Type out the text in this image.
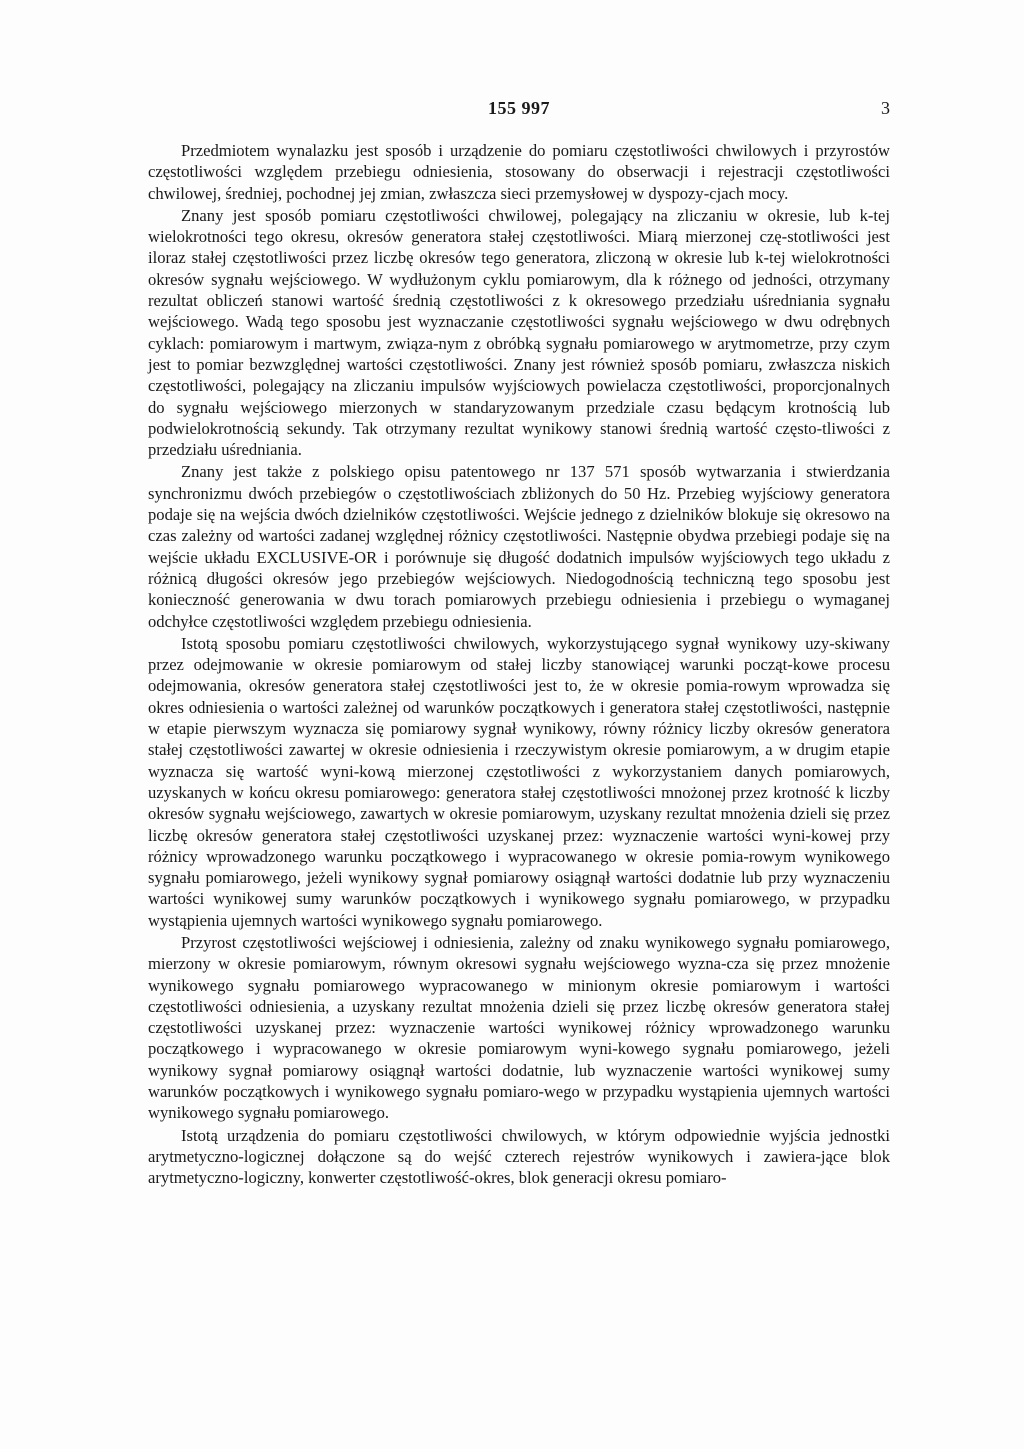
155 997	3

Przedmiotem wynalazku jest sposób i urządzenie do pomiaru częstotliwości chwilowych i przyrostów częstotliwości względem przebiegu odniesienia, stosowany do obserwacji i rejestracji częstotliwości chwilowej, średniej, pochodnej jej zmian, zwłaszcza sieci przemysłowej w dyspozy-cjach mocy.

Znany jest sposób pomiaru częstotliwości chwilowej, polegający na zliczaniu w okresie, lub k-tej wielokrotności tego okresu, okresów generatora stałej częstotliwości. Miarą mierzonej czę-stotliwości jest iloraz stałej częstotliwości przez liczbę okresów tego generatora, zliczoną w okresie lub k-tej wielokrotności okresów sygnału wejściowego. W wydłużonym cyklu pomiarowym, dla k różnego od jedności, otrzymany rezultat obliczeń stanowi wartość średnią częstotliwości z k okresowego przedziału uśredniania sygnału wejściowego. Wadą tego sposobu jest wyznaczanie częstotliwości sygnału wejściowego w dwu odrębnych cyklach: pomiarowym i martwym, związa-nym z obróbką sygnału pomiarowego w arytmometrze, przy czym jest to pomiar bezwzględnej wartości częstotliwości. Znany jest również sposób pomiaru, zwłaszcza niskich częstotliwości, polegający na zliczaniu impulsów wyjściowych powielacza częstotliwości, proporcjonalnych do sygnału wejściowego mierzonych w standaryzowanym przedziale czasu będącym krotnością lub podwielokrotnością sekundy. Tak otrzymany rezultat wynikowy stanowi średnią wartość często-tliwości z przedziału uśredniania.

Znany jest także z polskiego opisu patentowego nr 137 571 sposób wytwarzania i stwierdzania synchronizmu dwóch przebiegów o częstotliwościach zbliżonych do 50 Hz. Przebieg wyjściowy generatora podaje się na wejścia dwóch dzielników częstotliwości. Wejście jednego z dzielników blokuje się okresowo na czas zależny od wartości zadanej względnej różnicy częstotliwości. Następnie obydwa przebiegi podaje się na wejście układu EXCLUSIVE-OR i porównuje się długość dodatnich impulsów wyjściowych tego układu z różnicą długości okresów jego przebiegów wejściowych. Niedogodnością techniczną tego sposobu jest konieczność generowania w dwu torach pomiarowych przebiegu odniesienia i przebiegu o wymaganej odchyłce częstotliwości względem przebiegu odniesienia.

Istotą sposobu pomiaru częstotliwości chwilowych, wykorzystującego sygnał wynikowy uzy-skiwany przez odejmowanie w okresie pomiarowym od stałej liczby stanowiącej warunki począt-kowe procesu odejmowania, okresów generatora stałej częstotliwości jest to, że w okresie pomia-rowym wprowadza się okres odniesienia o wartości zależnej od warunków początkowych i generatora stałej częstotliwości, następnie w etapie pierwszym wyznacza się pomiarowy sygnał wynikowy, równy różnicy liczby okresów generatora stałej częstotliwości zawartej w okresie odniesienia i rzeczywistym okresie pomiarowym, a w drugim etapie wyznacza się wartość wyni-kową mierzonej częstotliwości z wykorzystaniem danych pomiarowych, uzyskanych w końcu okresu pomiarowego: generatora stałej częstotliwości mnożonej przez krotność k liczby okresów sygnału wejściowego, zawartych w okresie pomiarowym, uzyskany rezultat mnożenia dzieli się przez liczbę okresów generatora stałej częstotliwości uzyskanej przez: wyznaczenie wartości wyni-kowej przy różnicy wprowadzonego warunku początkowego i wypracowanego w okresie pomia-rowym wynikowego sygnału pomiarowego, jeżeli wynikowy sygnał pomiarowy osiągnął wartości dodatnie lub przy wyznaczeniu wartości wynikowej sumy warunków początkowych i wynikowego sygnału pomiarowego, w przypadku wystąpienia ujemnych wartości wynikowego sygnału pomiarowego.

Przyrost częstotliwości wejściowej i odniesienia, zależny od znaku wynikowego sygnału pomiarowego, mierzony w okresie pomiarowym, równym okresowi sygnału wejściowego wyzna-cza się przez mnożenie wynikowego sygnału pomiarowego wypracowanego w minionym okresie pomiarowym i wartości częstotliwości odniesienia, a uzyskany rezultat mnożenia dzieli się przez liczbę okresów generatora stałej częstotliwości uzyskanej przez: wyznaczenie wartości wynikowej różnicy wprowadzonego warunku początkowego i wypracowanego w okresie pomiarowym wyni-kowego sygnału pomiarowego, jeżeli wynikowy sygnał pomiarowy osiągnął wartości dodatnie, lub wyznaczenie wartości wynikowej sumy warunków początkowych i wynikowego sygnału pomiaro-wego w przypadku wystąpienia ujemnych wartości wynikowego sygnału pomiarowego.

Istotą urządzenia do pomiaru częstotliwości chwilowych, w którym odpowiednie wyjścia jednostki arytmetyczno-logicznej dołączone są do wejść czterech rejestrów wynikowych i zawiera-jące blok arytmetyczno-logiczny, konwerter częstotliwość-okres, blok generacji okresu pomiaro-
